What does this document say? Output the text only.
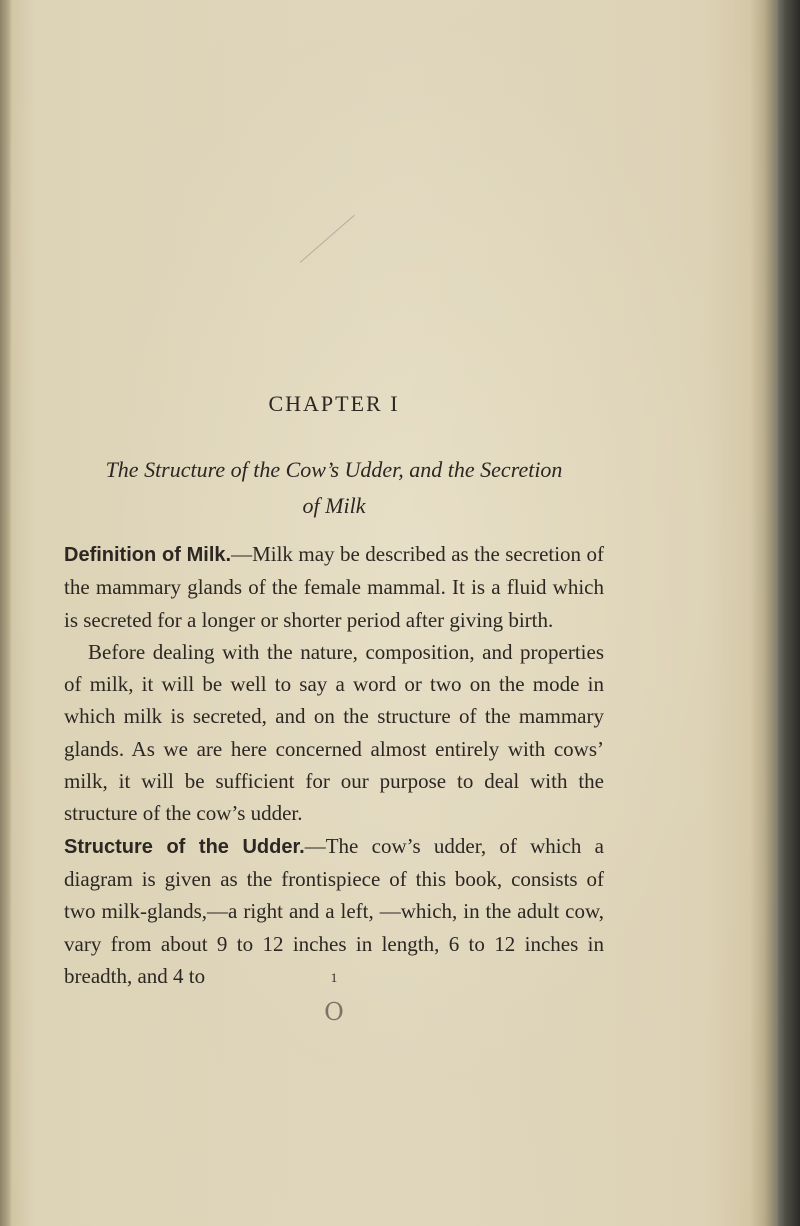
CHAPTER I
The Structure of the Cow’s Udder, and the Secretion
of Milk

Definition of Milk.—Milk may be described as the secretion of the mammary glands of the female mammal. It is a fluid which is secreted for a longer or shorter period after giving birth.

Before dealing with the nature, composition, and properties of milk, it will be well to say a word or two on the mode in which milk is secreted, and on the structure of the mammary glands. As we are here concerned almost entirely with cows’ milk, it will be sufficient for our purpose to deal with the structure of the cow’s udder.

Structure of the Udder.—The cow’s udder, of which a diagram is given as the frontispiece of this book, consists of two milk-glands,—a right and a left, —which, in the adult cow, vary from about 9 to 12 inches in length, 6 to 12 inches in breadth, and 4 to	1
O
